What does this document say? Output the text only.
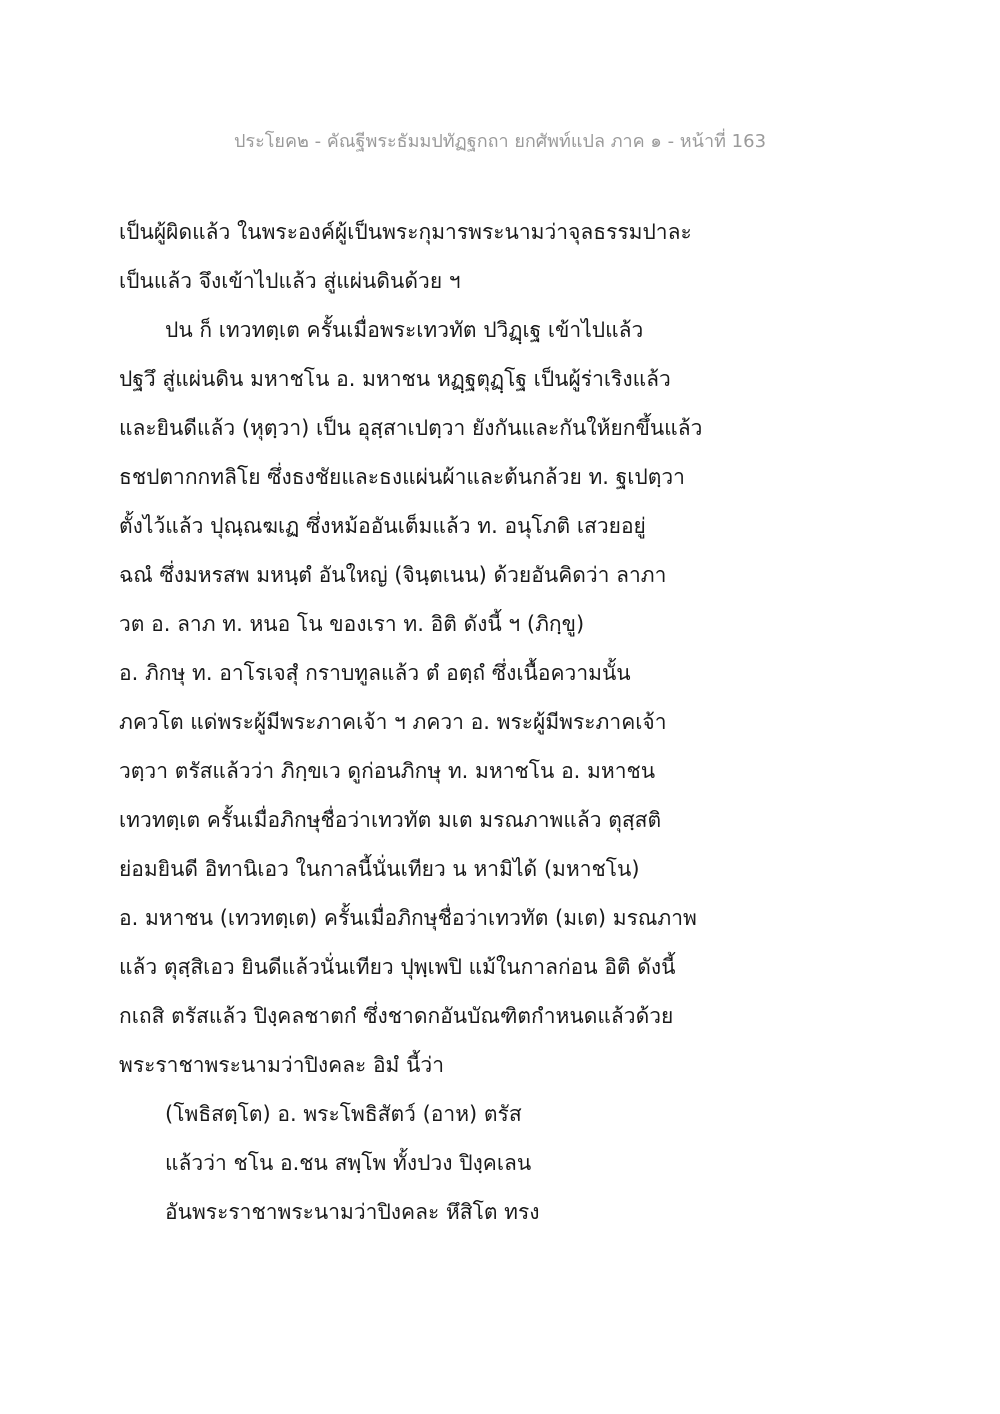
ประโยค๒ - คัณฐีพระธัมมปทัฏฐกถา ยกศัพท์แปล ภาค ๑ - หน้าที่ 163
เป็นผู้ผิดแล้ว ในพระองค์ผู้เป็นพระกุมารพระนามว่าจุลธรรมปาละ
เป็นแล้ว จึงเข้าไปแล้ว สู่แผ่นดินด้วย ฯ
ปน ก็ เทวทตฺเต ครั้นเมื่อพระเทวทัต ปวิฏฺเฐ เข้าไปแล้ว
ปฐวึ สู่แผ่นดิน มหาชโน อ. มหาชน หฏฺฐตุฏฺโฐ เป็นผู้ร่าเริงแล้ว
และยินดีแล้ว (หุตฺวา) เป็น อุสฺสาเปตฺวา ยังกันและกันให้ยกขึ้นแล้ว
ธชปตากกทลิโย ซึ่งธงชัยและธงแผ่นผ้าและต้นกล้วย ท. ฐเปตฺวา
ตั้งไว้แล้ว ปุณฺณฆเฏ ซึ่งหม้ออันเต็มแล้ว ท. อนุโภติ เสวยอยู่
ฉณํ ซึ่งมหรสพ มหนฺตํ อันใหญ่ (จินฺตเนน) ด้วยอันคิดว่า ลาภา
วต อ. ลาภ ท. หนอ โน ของเรา ท. อิติ ดังนี้ ฯ (ภิกฺขู)
อ. ภิกษุ ท. อาโรเจสุํ กราบทูลแล้ว ตํ อตฺถํ ซึ่งเนื้อความนั้น
ภควโต แด่พระผู้มีพระภาคเจ้า ฯ ภควา อ. พระผู้มีพระภาคเจ้า
วตฺวา ตรัสแล้วว่า ภิกฺขเว ดูก่อนภิกษุ ท. มหาชโน อ. มหาชน
เทวทตฺเต ครั้นเมื่อภิกษุชื่อว่าเทวทัต มเต มรณภาพแล้ว ตุสฺสติ
ย่อมยินดี อิทานิเอว ในกาลนี้นั่นเทียว น หามิได้ (มหาชโน)
อ. มหาชน (เทวทตฺเต) ครั้นเมื่อภิกษุชื่อว่าเทวทัต (มเต) มรณภาพ
แล้ว ตุสฺสิเอว ยินดีแล้วนั่นเทียว ปุพฺเพปิ แม้ในกาลก่อน อิติ ดังนี้
กเถสิ ตรัสแล้ว ปิงฺคลชาตกํ ซึ่งชาดกอันบัณฑิตกำหนดแล้วด้วย
พระราชาพระนามว่าปิงคละ อิมํ นี้ว่า
(โพธิสตฺโต) อ. พระโพธิสัตว์ (อาห) ตรัส
แล้วว่า ชโน อ.ชน สพฺโพ ทั้งปวง ปิงฺคเลน
อันพระราชาพระนามว่าปิงคละ หึสิโต ทรง
